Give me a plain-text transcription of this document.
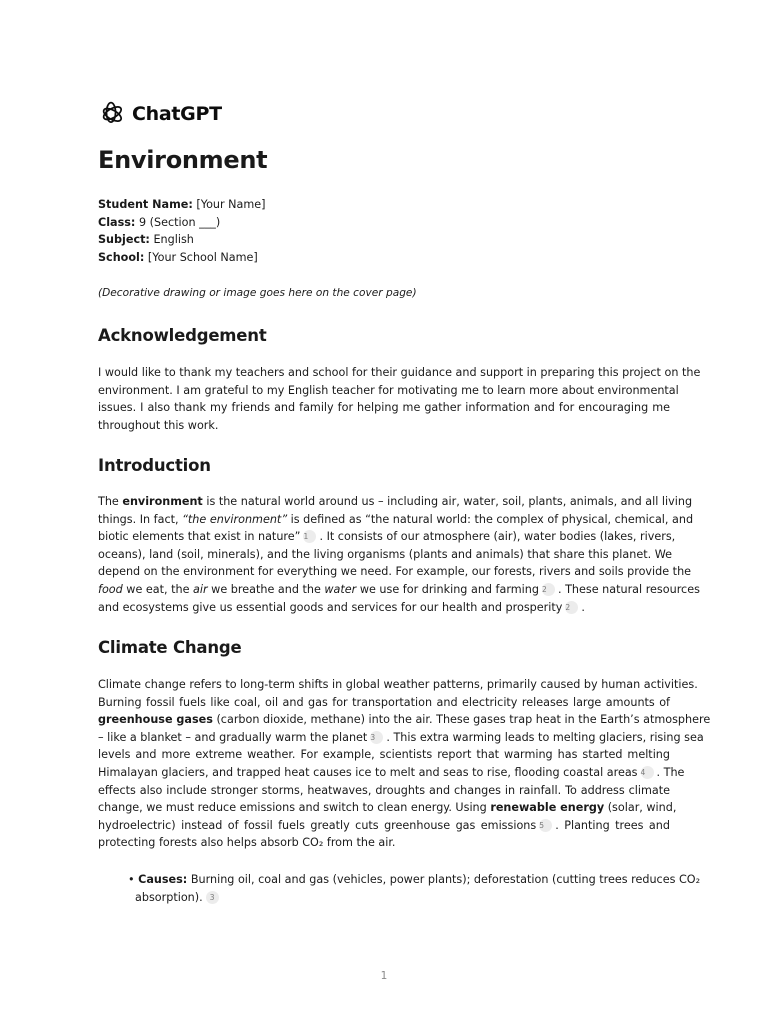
ChatGPT
Environment
Student Name: [Your Name]
Class: 9 (Section ___)
Subject: English
School: [Your School Name]
(Decorative drawing or image goes here on the cover page)
Acknowledgement
I would like to thank my teachers and school for their guidance and support in preparing this project on the
environment. I am grateful to my English teacher for motivating me to learn more about environmental
issues. I also thank my friends and family for helping me gather information and for encouraging me
throughout this work.
Introduction
The environment is the natural world around us – including air, water, soil, plants, animals, and all living
things. In fact, “the environment” is defined as “the natural world: the complex of physical, chemical, and
biotic elements that exist in nature” 1 . It consists of our atmosphere (air), water bodies (lakes, rivers,
oceans), land (soil, minerals), and the living organisms (plants and animals) that share this planet. We
depend on the environment for everything we need. For example, our forests, rivers and soils provide the
food we eat, the air we breathe and the water we use for drinking and farming 2 . These natural resources
and ecosystems give us essential goods and services for our health and prosperity 2 .
Climate Change
Climate change refers to long-term shifts in global weather patterns, primarily caused by human activities.
Burning fossil fuels like coal, oil and gas for transportation and electricity releases large amounts of
greenhouse gases (carbon dioxide, methane) into the air. These gases trap heat in the Earth’s atmosphere
– like a blanket – and gradually warm the planet 3 . This extra warming leads to melting glaciers, rising sea
levels and more extreme weather. For example, scientists report that warming has started melting
Himalayan glaciers, and trapped heat causes ice to melt and seas to rise, flooding coastal areas 4 . The
effects also include stronger storms, heatwaves, droughts and changes in rainfall. To address climate
change, we must reduce emissions and switch to clean energy. Using renewable energy (solar, wind,
hydroelectric) instead of fossil fuels greatly cuts greenhouse gas emissions 5 . Planting trees and
protecting forests also helps absorb CO₂ from the air.
• Causes: Burning oil, coal and gas (vehicles, power plants); deforestation (cutting trees reduces CO₂
absorption). 3
1
